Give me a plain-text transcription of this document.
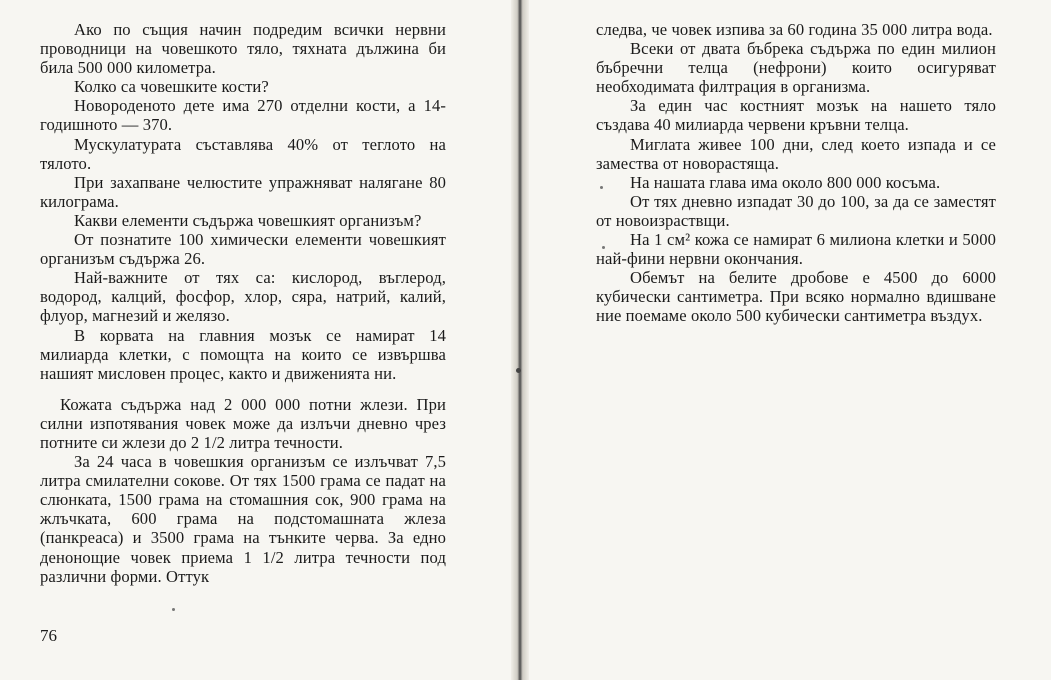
Ако по същия начин подредим всички нервни проводници на човешкото тяло, тяхната дължина би била 500 000 километра.

Колко са човешките кости?

Новороденото дете има 270 отделни кости, а 14-годишното — 370.

Мускулатурата съставлява 40% от теглото на тялото.

При захапване челюстите упражняват налягане 80 килограма.

Какви елементи съдържа човешкият организъм?

От познатите 100 химически елементи човешкият организъм съдържа 26.

Най-важните от тях са: кислород, въглерод, водород, калций, фосфор, хлор, сяра, натрий, калий, флуор, магнезий и желязо.

В корвата на главния мозък се намират 14 милиарда клетки, с помощта на които се извършва нашият мисловен процес, както и движенията ни.

Кожата съдържа над 2 000 000 потни жлези. При силни изпотявания човек може да излъчи дневно чрез потните си жлези до 2 1/2 литра течности.

За 24 часа в човешкия организъм се излъчват 7,5 литра смилателни сокове. От тях 1500 грама се падат на слюнката, 1500 грама на стомашния сок, 900 грама на жлъчката, 600 грама на подстомашната жлеза (панкреаса) и 3500 грама на тънките черва. За едно денонощие човек приема 1 1/2 литра течности под различни форми. Оттук

76

следва, че човек изпива за 60 година 35 000 литра вода.

Всеки от двата бъбрека съдържа по един милион бъбречни телца (нефрони) които осигуряват необходимата филтрация в организма.

За един час костният мозък на нашето тяло създава 40 милиарда червени кръвни телца.

Миглата живее 100 дни, след което изпада и се замества от новорастяща.

На нашата глава има около 800 000 косъма.

От тях дневно изпадат 30 до 100, за да се заместят от новоизраствщи.

На 1 см² кожа се намират 6 милиона клетки и 5000 най-фини нервни окончания.

Обемът на белите дробове е 4500 до 6000 кубически сантиметра. При всяко нормално вдишване ние поемаме около 500 кубически сантиметра въздух.
